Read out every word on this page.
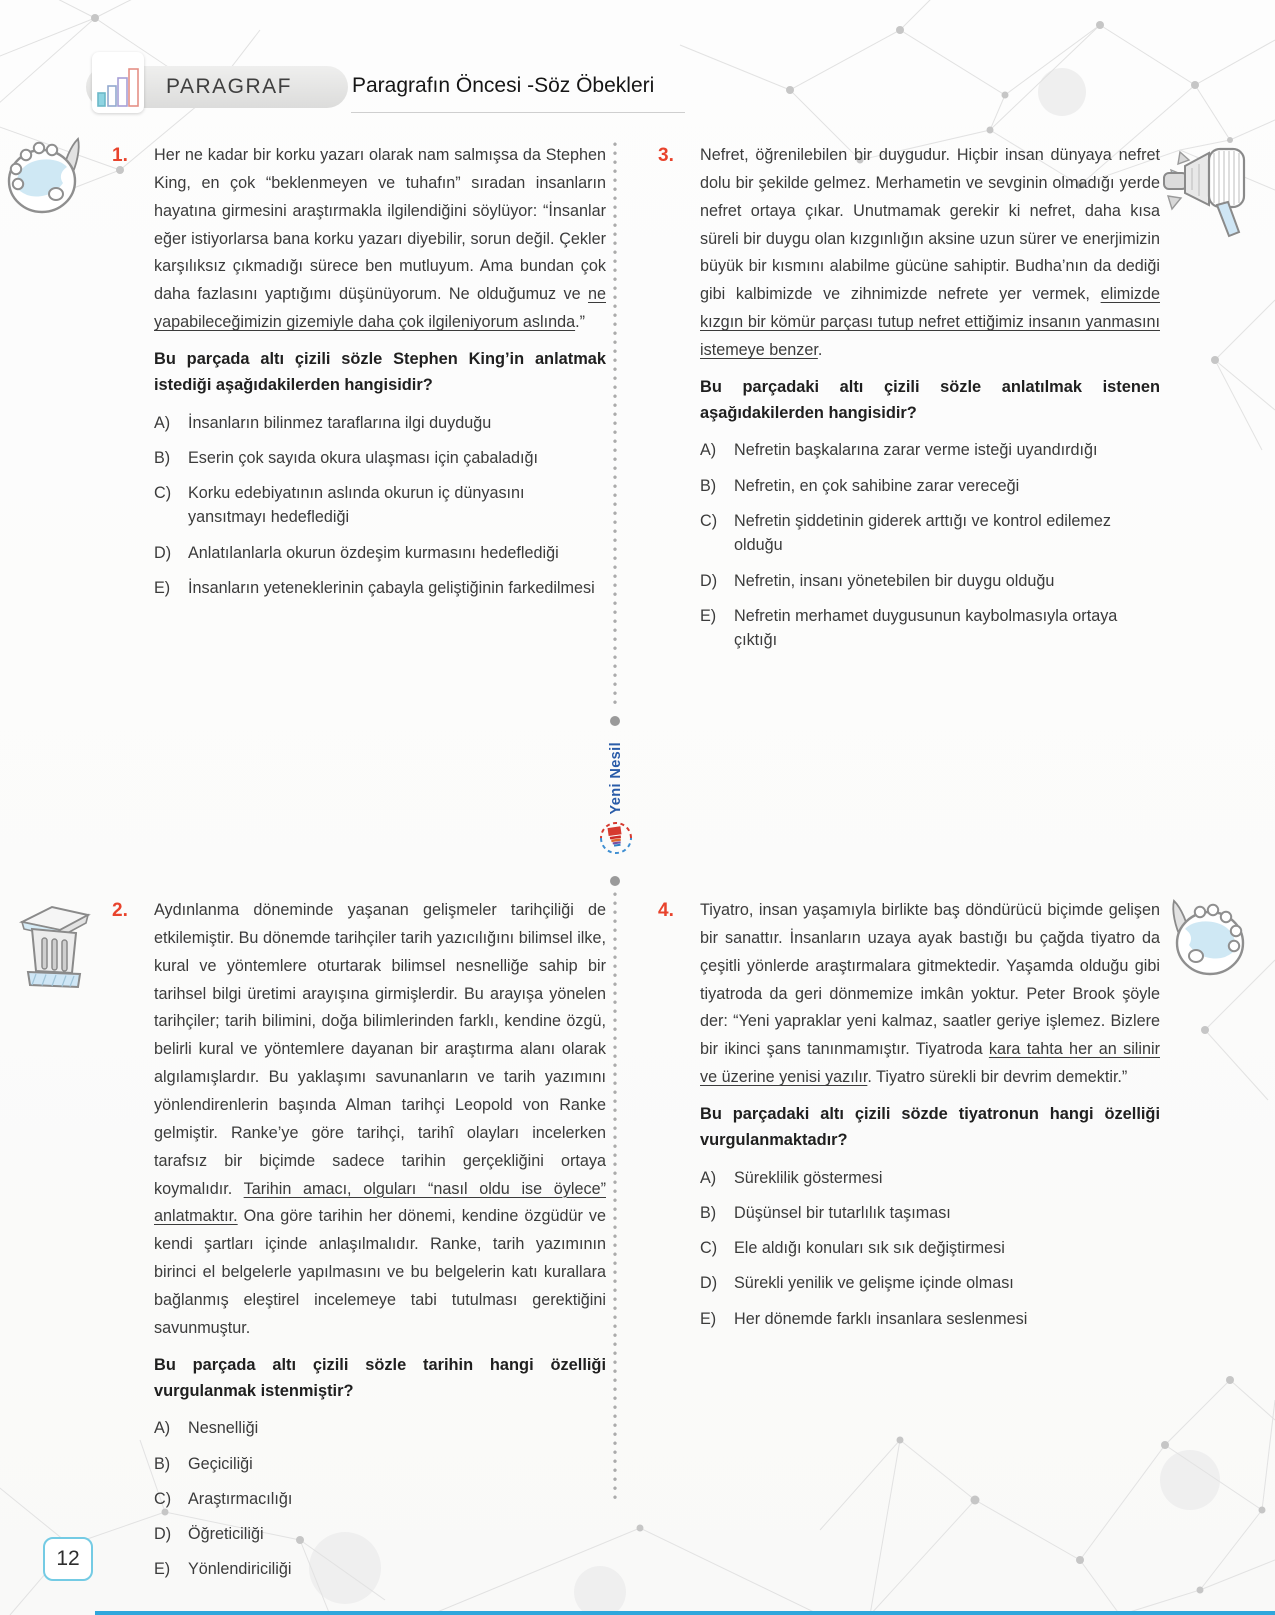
PARAGRAF	Paragrafın Öncesi -Söz Öbekleri
Yeni Nesil
1.	Her ne kadar bir korku yazarı olarak nam salmışsa da Stephen King, en çok “beklenmeyen ve tuhafın” sıradan insanların hayatına girmesini araştırmakla ilgilendiğini söylüyor: “İnsanlar eğer istiyorlarsa bana korku yazarı diyebilir, sorun değil. Çekler karşılıksız çıkmadığı sürece ben mutluyum. Ama bundan çok daha fazlasını yaptığımı düşünüyorum. Ne olduğumuz ve ne yapabileceğimizin gizemiyle daha çok ilgileniyorum aslında.”

Bu parçada altı çizili sözle Stephen King’in anlatmak istediği aşağıdakilerden hangisidir?

A)	İnsanların bilinmez taraflarına ilgi duyduğu
B)	Eserin çok sayıda okura ulaşması için çabaladığı
C)	Korku edebiyatının aslında okurun iç dünyasını yansıtmayı hedeflediği
D)	Anlatılanlarla okurun özdeşim kurmasını hedeflediği
E)	İnsanların yeteneklerinin çabayla geliştiğinin farkedilmesi
3.	Nefret, öğrenilebilen bir duygudur. Hiçbir insan dünyaya nefret dolu bir şekilde gelmez. Merhametin ve sevginin olmadığı yerde nefret ortaya çıkar. Unutmamak gerekir ki nefret, daha kısa süreli bir duygu olan kızgınlığın aksine uzun sürer ve enerjimizin büyük bir kısmını alabilme gücüne sahiptir. Budha’nın da dediği gibi kalbimizde ve zihnimizde nefrete yer vermek, elimizde kızgın bir kömür parçası tutup nefret ettiğimiz insanın yanmasını istemeye benzer.

Bu parçadaki altı çizili sözle anlatılmak istenen aşağıdakilerden hangisidir?

A)	Nefretin başkalarına zarar verme isteği uyandırdığı
B)	Nefretin, en çok sahibine zarar vereceği
C)	Nefretin şiddetinin giderek arttığı ve kontrol edilemez olduğu
D)	Nefretin, insanı yönetebilen bir duygu olduğu
E)	Nefretin merhamet duygusunun kaybolmasıyla ortaya çıktığı
2.	Aydınlanma döneminde yaşanan gelişmeler tarihçiliği de etkilemiştir. Bu dönemde tarihçiler tarih yazıcılığını bilimsel ilke, kural ve yöntemlere oturtarak bilimsel nesnelliğe sahip bir tarihsel bilgi üretimi arayışına girmişlerdir. Bu arayışa yönelen tarihçiler; tarih bilimini, doğa bilimlerinden farklı, kendine özgü, belirli kural ve yöntemlere dayanan bir araştırma alanı olarak algılamışlardır. Bu yaklaşımı savunanların ve tarih yazımını yönlendirenlerin başında Alman tarihçi Leopold von Ranke gelmiştir. Ranke’ye göre tarihçi, tarihî olayları incelerken tarafsız bir biçimde sadece tarihin gerçekliğini ortaya koymalıdır. Tarihin amacı, olguları “nasıl oldu ise öylece” anlatmaktır. Ona göre tarihin her dönemi, kendine özgüdür ve kendi şartları içinde anlaşılmalıdır. Ranke, tarih yazımının birinci el belgelerle yapılmasını ve bu belgelerin katı kurallara bağlanmış eleştirel incelemeye tabi tutulması gerektiğini savunmuştur.

Bu parçada altı çizili sözle tarihin hangi özelliği vurgulanmak istenmiştir?

A)	Nesnelliği
B)	Geçiciliği
C)	Araştırmacılığı
D)	Öğreticiliği
E)	Yönlendiriciliği
4.	Tiyatro, insan yaşamıyla birlikte baş döndürücü biçimde gelişen bir sanattır. İnsanların uzaya ayak bastığı bu çağda tiyatro da çeşitli yönlerde araştırmalara gitmektedir. Yaşamda olduğu gibi tiyatroda da geri dönmemize imkân yoktur. Peter Brook şöyle der: “Yeni yapraklar yeni kalmaz, saatler geriye işlemez. Bizlere bir ikinci şans tanınmamıştır. Tiyatroda kara tahta her an silinir ve üzerine yenisi yazılır. Tiyatro sürekli bir devrim demektir.”

Bu parçadaki altı çizili sözde tiyatronun hangi özelliği vurgulanmaktadır?

A)	Süreklilik göstermesi
B)	Düşünsel bir tutarlılık taşıması
C)	Ele aldığı konuları sık sık değiştirmesi
D)	Sürekli yenilik ve gelişme içinde olması
E)	Her dönemde farklı insanlara seslenmesi
12
